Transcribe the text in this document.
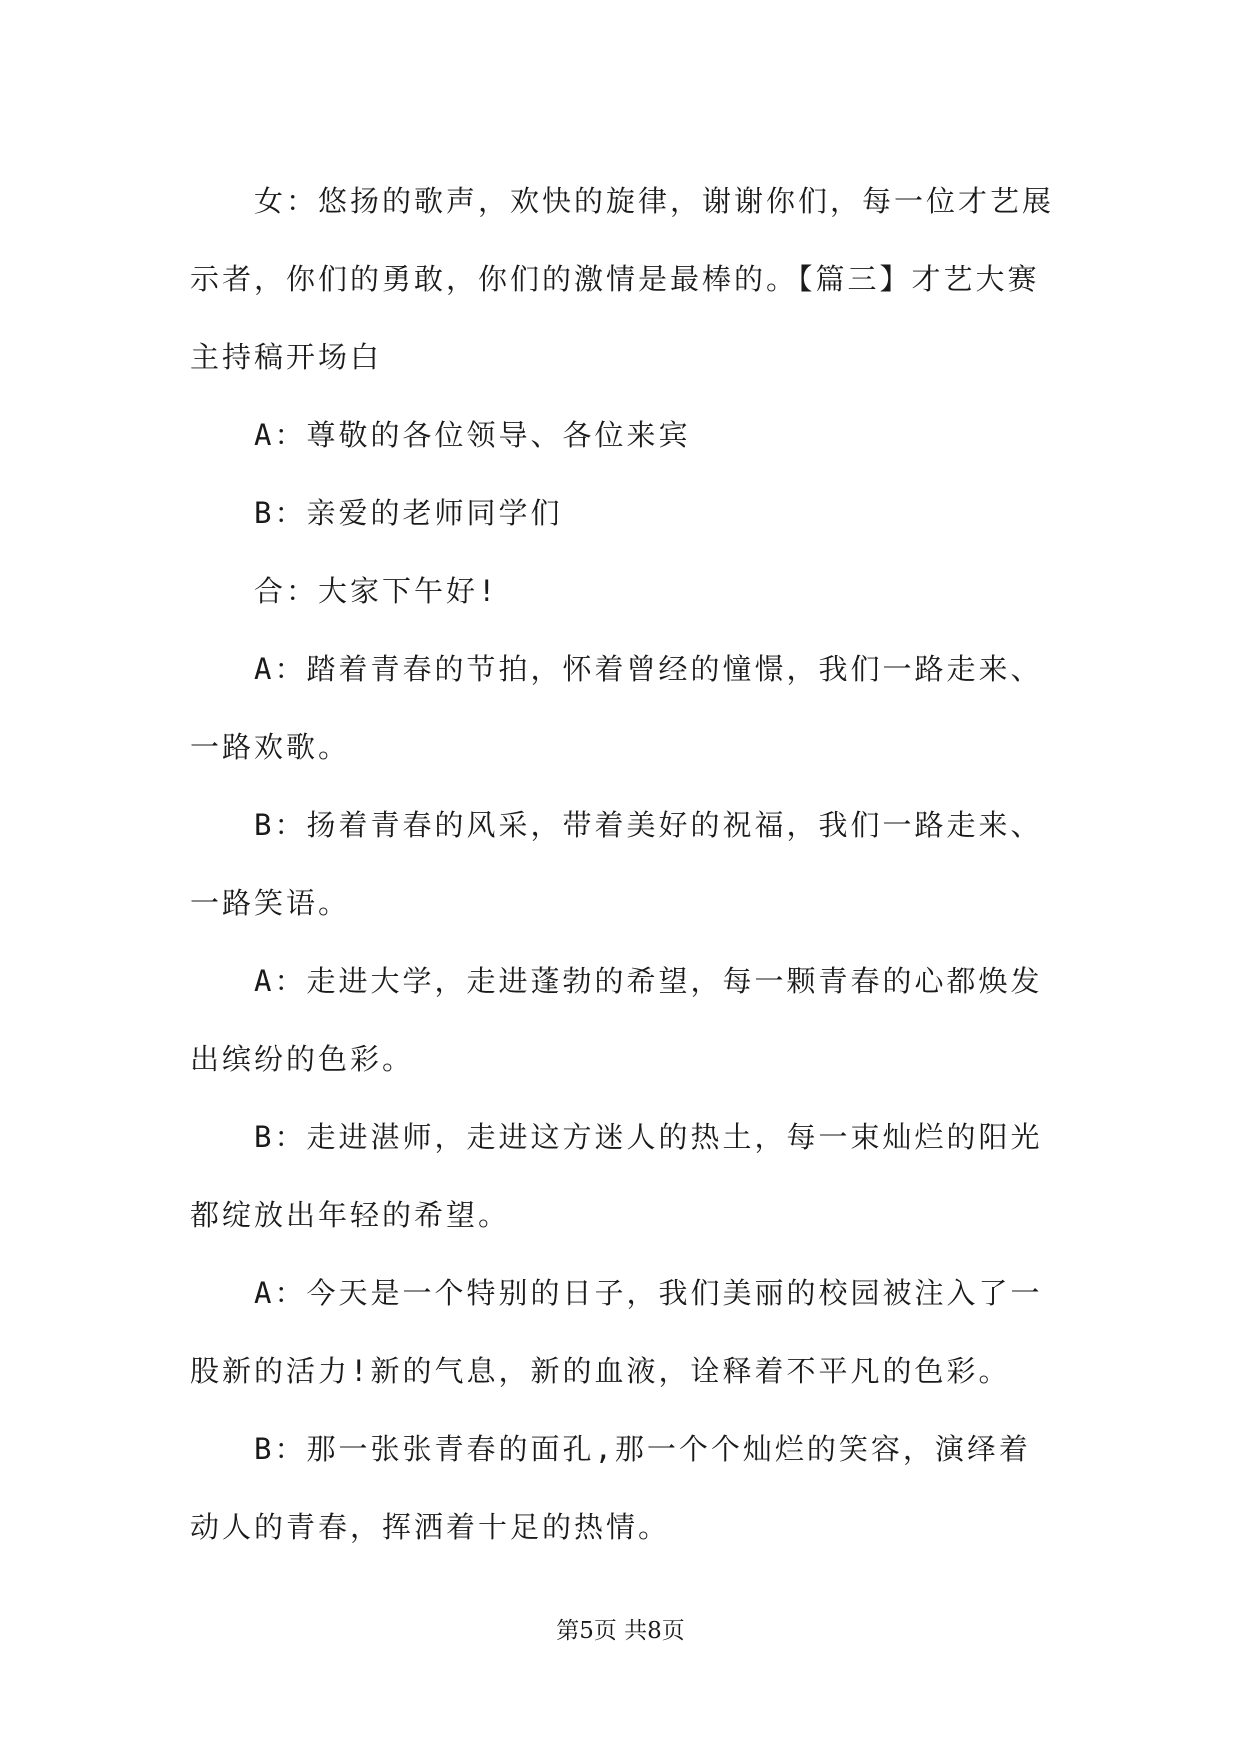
女：悠扬的歌声，欢快的旋律，谢谢你们，每一位才艺展示者，你们的勇敢，你们的激情是最棒的。【篇三】才艺大赛主持稿开场白

A：尊敬的各位领导、各位来宾

B：亲爱的老师同学们

合：大家下午好!

A：踏着青春的节拍，怀着曾经的憧憬，我们一路走来、一路欢歌。

B：扬着青春的风采，带着美好的祝福，我们一路走来、一路笑语。

A：走进大学，走进蓬勃的希望，每一颗青春的心都焕发出缤纷的色彩。

B：走进湛师，走进这方迷人的热土，每一束灿烂的阳光都绽放出年轻的希望。

A：今天是一个特别的日子，我们美丽的校园被注入了一股新的活力!新的气息，新的血液，诠释着不平凡的色彩。

B：那一张张青春的面孔,那一个个灿烂的笑容，演绎着动人的青春，挥洒着十足的热情。

第5页 共8页
